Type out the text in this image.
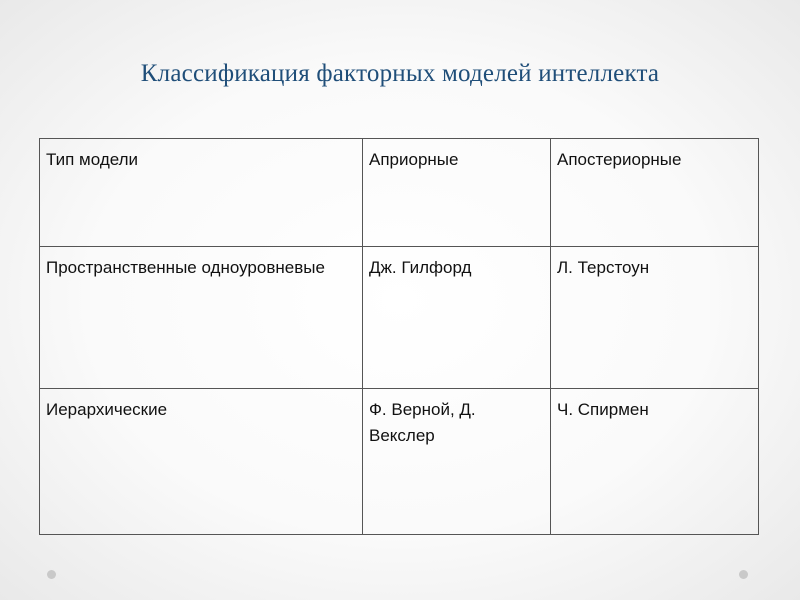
Классификация факторных моделей интеллекта
Тип модели	Априорные	Апостериорные
Пространственные одноуровневые	Дж. Гилфорд	Л. Терстоун
Иерархические	Ф. Верной, Д. Векслер	Ч. Спирмен
